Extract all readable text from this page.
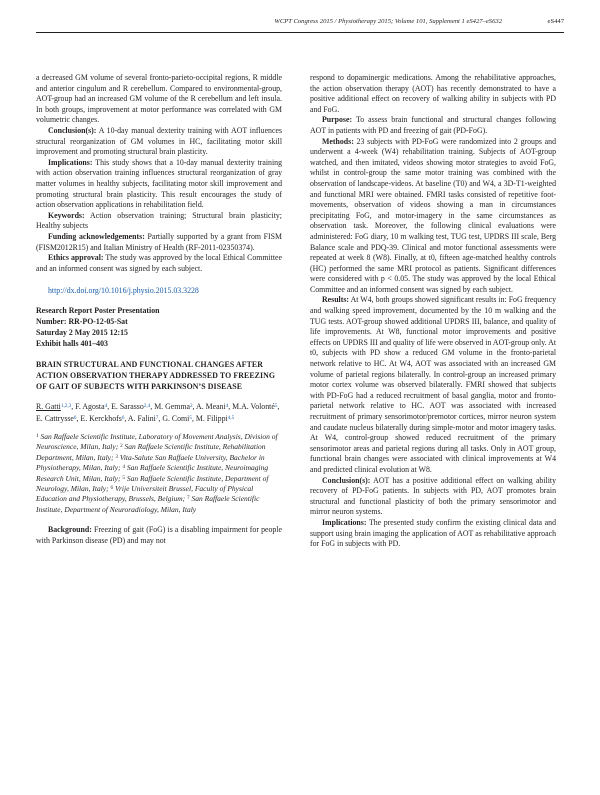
WCPT Congress 2015 / Physiotherapy 2015; Volume 101, Supplement 1 eS427–eS632	eS447

a decreased GM volume of several fronto-parieto-occipital regions, R middle and anterior cingulum and R cerebellum. Compared to environmental-group, AOT-group had an increased GM volume of the R cerebellum and left insula. In both groups, improvement at motor performance was correlated with GM volumetric changes.

Conclusion(s): A 10-day manual dexterity training with AOT influences structural reorganization of GM volumes in HC, facilitating motor skill improvement and promoting structural brain plasticity.

Implications: This study shows that a 10-day manual dexterity training with action observation training influences structural reorganization of gray matter volumes in healthy subjects, facilitating motor skill improvement and promoting structural brain plasticity. This result encourages the study of action observation applications in rehabilitation field.

Keywords: Action observation training; Structural brain plasticity; Healthy subjects

Funding acknowledgements: Partially supported by a grant from FISM (FISM2012R15) and Italian Ministry of Health (RF-2011-02350374).

Ethics approval: The study was approved by the local Ethical Committee and an informed consent was signed by each subject.

http://dx.doi.org/10.1016/j.physio.2015.03.3228

Research Report Poster Presentation
Number: RR-PO-12-05-Sat
Saturday 2 May 2015 12:15
Exhibit halls 401–403
BRAIN STRUCTURAL AND FUNCTIONAL CHANGES AFTER ACTION OBSERVATION THERAPY ADDRESSED TO FREEZING OF GAIT OF SUBJECTS WITH PARKINSON’S DISEASE
R. Gatti$^{1,2,3}$, F. Agosta$^4$, E. Sarasso$^{2,4}$, M. Gemma$^2$, A. Meani$^4$, M.A. Volonté$^5$, E. Cattrysse$^6$, E. Kerckhofs$^6$, A. Falini$^7$, G. Comi$^5$, M. Filippi$^{4,5}$
$^1$ San Raffaele Scientific Institute, Laboratory of Movement Analysis, Division of Neuroscience, Milan, Italy; $^2$ San Raffaele Scientific Institute, Rehabilitation Department, Milan, Italy; $^3$ Vita-Salute San Raffaele University, Bachelor in Physiotherapy, Milan, Italy; $^4$ San Raffaele Scientific Institute, Neuroimaging Research Unit, Milan, Italy; $^5$ San Raffaele Scientific Institute, Department of Neurology, Milan, Italy; $^6$ Vrije Universiteit Brussel, Faculty of Physical Education and Physiotherapy, Brussels, Belgium; $^7$ San Raffaele Scientific Institute, Department of Neuroradiology, Milan, Italy

Background: Freezing of gait (FoG) is a disabling impairment for people with Parkinson disease (PD) and may not

respond to dopaminergic medications. Among the rehabilitative approaches, the action observation therapy (AOT) has recently demonstrated to have a positive additional effect on recovery of walking ability in subjects with PD and FoG.

Purpose: To assess brain functional and structural changes following AOT in patients with PD and freezing of gait (PD-FoG).

Methods: 23 subjects with PD-FoG were randomized into 2 groups and underwent a 4-week (W4) rehabilitation training. Subjects of AOT-group watched, and then imitated, videos showing motor strategies to avoid FoG, whilst in control-group the same motor training was combined with the observation of landscape-videos. At baseline (T0) and W4, a 3D-T1-weighted and functional MRI were obtained. FMRI tasks consisted of repetitive foot-movements, observation of videos showing a man in circumstances precipitating FoG, and motor-imagery in the same circumstances as observation task. Moreover, the following clinical evaluations were administered: FoG diary, 10 m walking test, TUG test, UPDRS III scale, Berg Balance scale and PDQ-39. Clinical and motor functional assessments were repeated at week 8 (W8). Finally, at t0, fifteen age-matched healthy controls (HC) performed the same MRI protocol as patients. Significant differences were considered with p < 0.05. The study was approved by the local Ethical Committee and an informed consent was signed by each subject.

Results: At W4, both groups showed significant results in: FoG frequency and walking speed improvement, documented by the 10 m walking and the TUG tests. AOT-group showed additional UPDRS III, balance, and quality of life improvements. At W8, functional motor improvements and positive effects on UPDRS III and quality of life were observed in AOT-group only. At t0, subjects with PD show a reduced GM volume in the fronto-parietal network relative to HC. At W4, AOT was associated with an increased GM volume of parietal regions bilaterally. In control-group an increased primary motor cortex volume was observed bilaterally. FMRI showed that subjects with PD-FoG had a reduced recruitment of basal ganglia, motor and fronto-parietal network relative to HC. AOT was associated with increased recruitment of primary sensorimotor/premotor cortices, mirror neuron system and caudate nucleus bilaterally during simple-motor and motor imagery tasks. At W4, control-group showed reduced recruitment of the primary sensorimotor areas and parietal regions during all tasks. Only in AOT group, functional brain changes were associated with clinical improvements at W4 and predicted clinical evolution at W8.

Conclusion(s): AOT has a positive additional effect on walking ability recovery of PD-FoG patients. In subjects with PD, AOT promotes brain structural and functional plasticity of both the primary sensorimotor and mirror neuron systems.

Implications: The presented study confirm the existing clinical data and support using brain imaging the application of AOT as rehabilitative approach for FoG in subjects with PD.
